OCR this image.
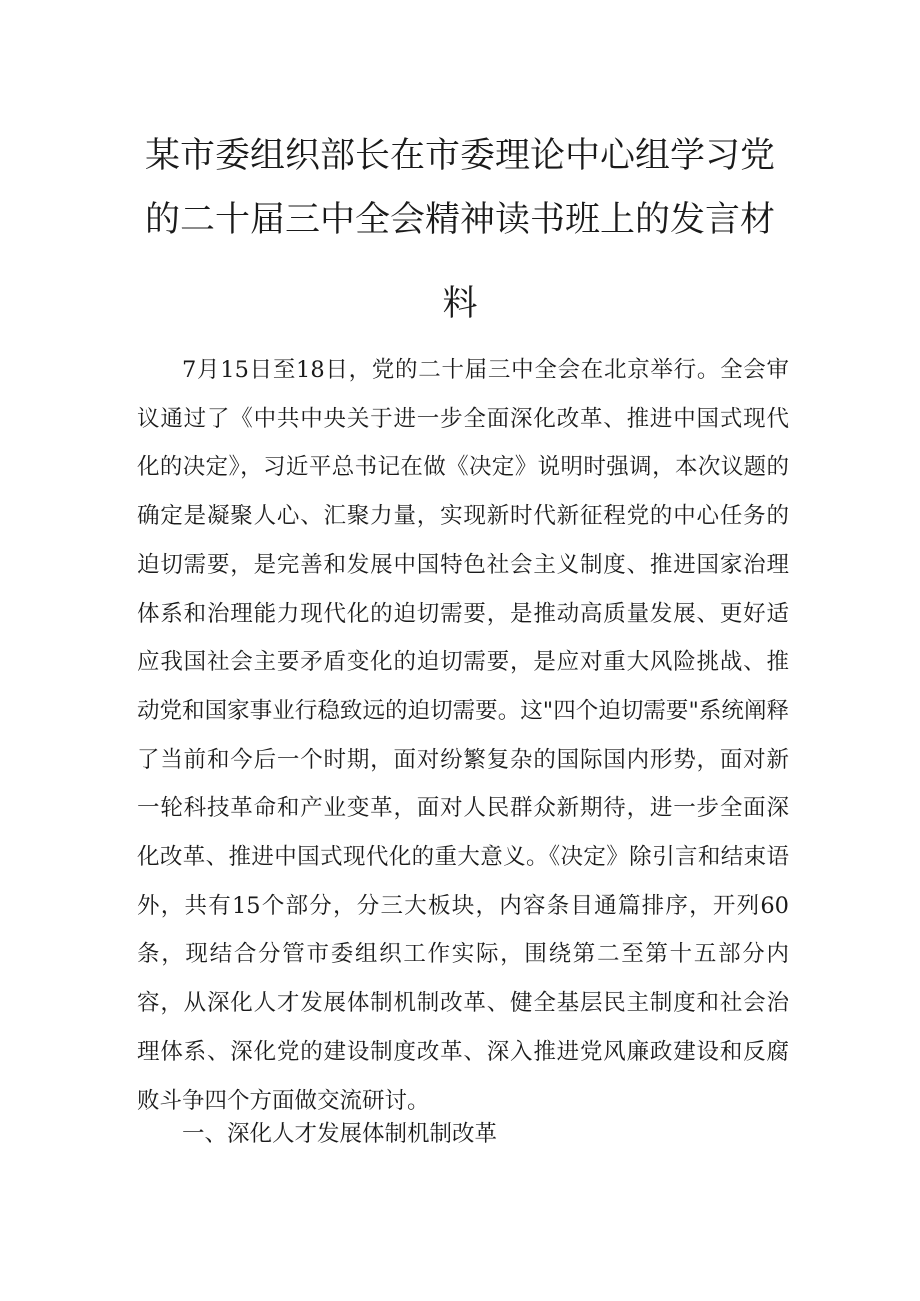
某市委组织部长在市委理论中心组学习党
的二十届三中全会精神读书班上的发言材
料

7月15日至18日，党的二十届三中全会在北京举行。全会审议通过了《中共中央关于进一步全面深化改革、推进中国式现代化的决定》，习近平总书记在做《决定》说明时强调，本次议题的确定是凝聚人心、汇聚力量，实现新时代新征程党的中心任务的迫切需要，是完善和发展中国特色社会主义制度、推进国家治理体系和治理能力现代化的迫切需要，是推动高质量发展、更好适应我国社会主要矛盾变化的迫切需要，是应对重大风险挑战、推动党和国家事业行稳致远的迫切需要。这"四个迫切需要"系统阐释了当前和今后一个时期，面对纷繁复杂的国际国内形势，面对新一轮科技革命和产业变革，面对人民群众新期待，进一步全面深化改革、推进中国式现代化的重大意义。《决定》除引言和结束语外，共有15个部分，分三大板块，内容条目通篇排序，开列60条，现结合分管市委组织工作实际，围绕第二至第十五部分内容，从深化人才发展体制机制改革、健全基层民主制度和社会治理体系、深化党的建设制度改革、深入推进党风廉政建设和反腐败斗争四个方面做交流研讨。

一、深化人才发展体制机制改革
